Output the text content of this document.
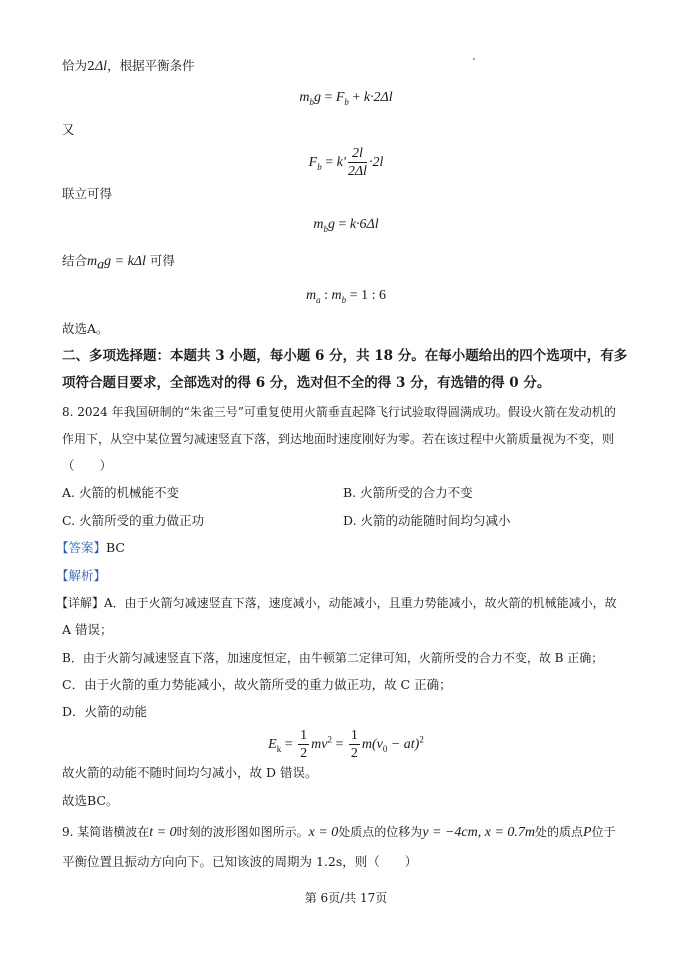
恰为2Δl，根据平衡条件
$m_bg = F_b + k\cdot 2\Delta l$
又
$F_b = k' \frac{2l}{2\Delta l} \cdot 2l$
联立可得
$m_bg = k\cdot 6\Delta l$
结合$m_ag = k\Delta l$ 可得
$m_a$ : $m_b = 1$ : 6
故选A。
二、多项选择题：本题共 3 小题，每小题 6 分，共 18 分。在每小题给出的四个选项中，有多
项符合题目要求，全部选对的得 6 分，选对但不全的得 3 分，有选错的得 0 分。
8. 2024 年我国研制的“朱雀三号”可重复使用火箭垂直起降飞行试验取得圆满成功。假设火箭在发动机的
作用下，从空中某位置匀减速竖直下落，到达地面时速度刚好为零。若在该过程中火箭质量视为不变，则
（　　）
A. 火箭的机械能不变	B. 火箭所受的合力不变
C. 火箭所受的重力做正功	D. 火箭的动能随时间均匀减小
【答案】BC
【解析】
【详解】A．由于火箭匀减速竖直下落，速度减小，动能减小，且重力势能减小，故火箭的机械能减小，故
A 错误；
B．由于火箭匀减速竖直下落，加速度恒定，由牛顿第二定律可知，火箭所受的合力不变，故 B 正确；
C．由于火箭的重力势能减小，故火箭所受的重力做正功，故 C 正确；
D．火箭的动能
$E_k = \frac{1}{2} mv^2 = \frac{1}{2} m(v_0 - at)^2$
故火箭的动能不随时间均匀减小，故 D 错误。
故选BC。
9. 某简谐横波在t = 0时刻的波形图如图所示。x = 0处质点的位移为y = −4cm, x = 0.7m处的质点P位于
平衡位置且振动方向向下。已知该波的周期为 1.2s，则（　　）
第 6页/共 17页
